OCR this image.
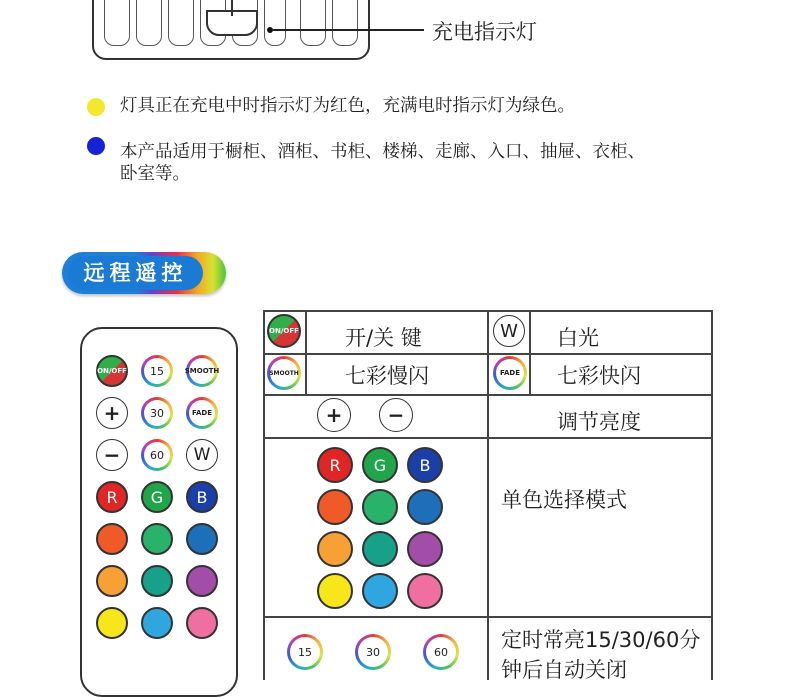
充电指示灯
灯具正在充电中时指示灯为红色，充满电时指示灯为绿色。
本产品适用于橱柜、酒柜、书柜、楼梯、走廊、入口、抽屉、衣柜、
卧室等。
远程遥控
ON/OFF	15	SMOOTH
+	30	FADE
−	60	W
R	G	B
ON/OFF 开/关 键	W	白光
SMOOTH 七彩慢闪	FADE	七彩快闪
+	−	调节亮度
R	G	B
单色选择模式
15	30	60	定时常亮15/30/60分
钟后自动关闭
